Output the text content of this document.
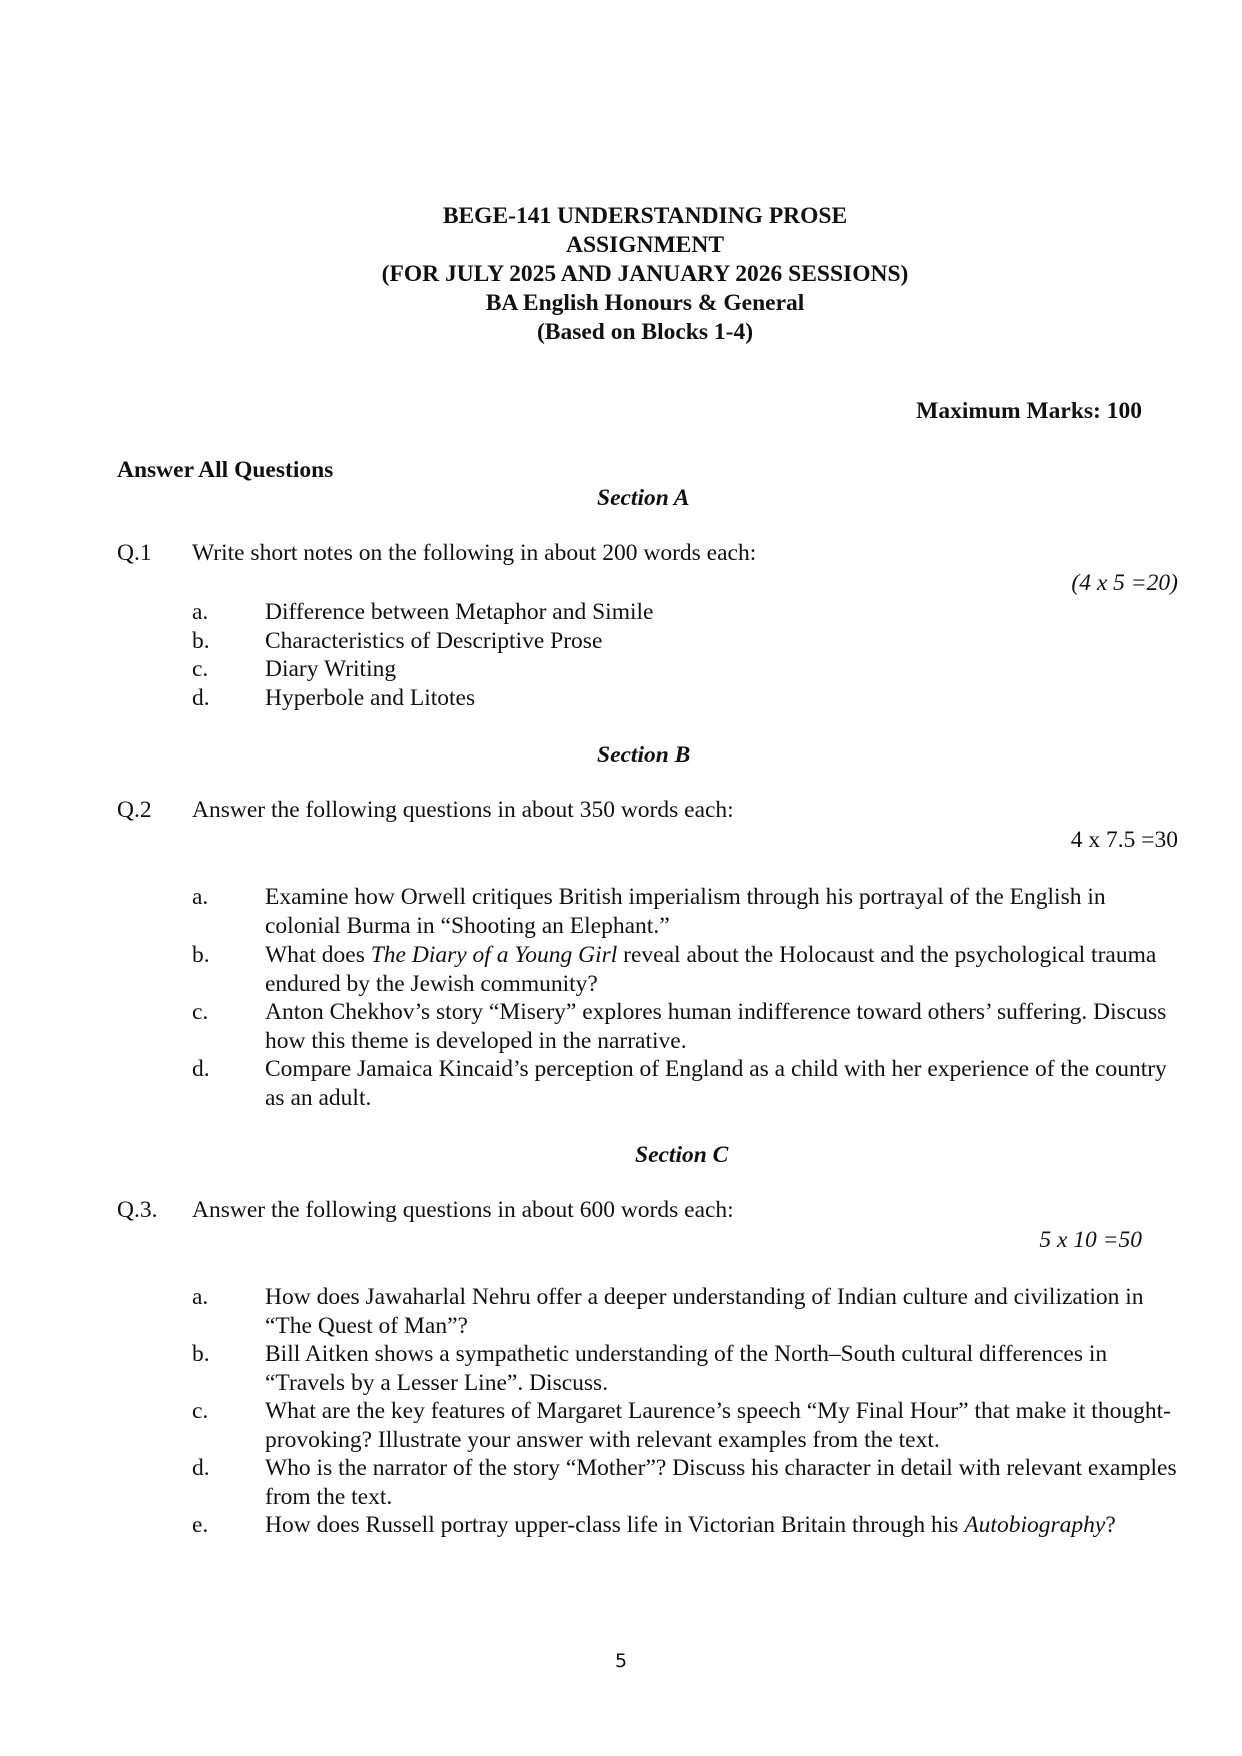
BEGE-141 UNDERSTANDING PROSE
ASSIGNMENT
(FOR JULY 2025 AND JANUARY 2026 SESSIONS)
BA English Honours & General
(Based on Blocks 1-4)
Maximum Marks: 100
Answer All Questions
Section A
Q.1 Write short notes on the following in about 200 words each:
(4 x 5 =20)
a. Difference between Metaphor and Simile
b. Characteristics of Descriptive Prose
c. Diary Writing
d. Hyperbole and Litotes
Section B
Q.2 Answer the following questions in about 350 words each:
4 x 7.5 =30
a. Examine how Orwell critiques British imperialism through his portrayal of the English in colonial Burma in “Shooting an Elephant.”
b. What does The Diary of a Young Girl reveal about the Holocaust and the psychological trauma endured by the Jewish community?
c. Anton Chekhov’s story “Misery” explores human indifference toward others’ suffering. Discuss how this theme is developed in the narrative.
d. Compare Jamaica Kincaid’s perception of England as a child with her experience of the country as an adult.
Section C
Q.3. Answer the following questions in about 600 words each:
5 x 10 =50
a. How does Jawaharlal Nehru offer a deeper understanding of Indian culture and civilization in “The Quest of Man”?
b. Bill Aitken shows a sympathetic understanding of the North–South cultural differences in “Travels by a Lesser Line”. Discuss.
c. What are the key features of Margaret Laurence’s speech “My Final Hour” that make it thought-provoking? Illustrate your answer with relevant examples from the text.
d. Who is the narrator of the story “Mother”? Discuss his character in detail with relevant examples from the text.
e. How does Russell portray upper-class life in Victorian Britain through his Autobiography?
5
